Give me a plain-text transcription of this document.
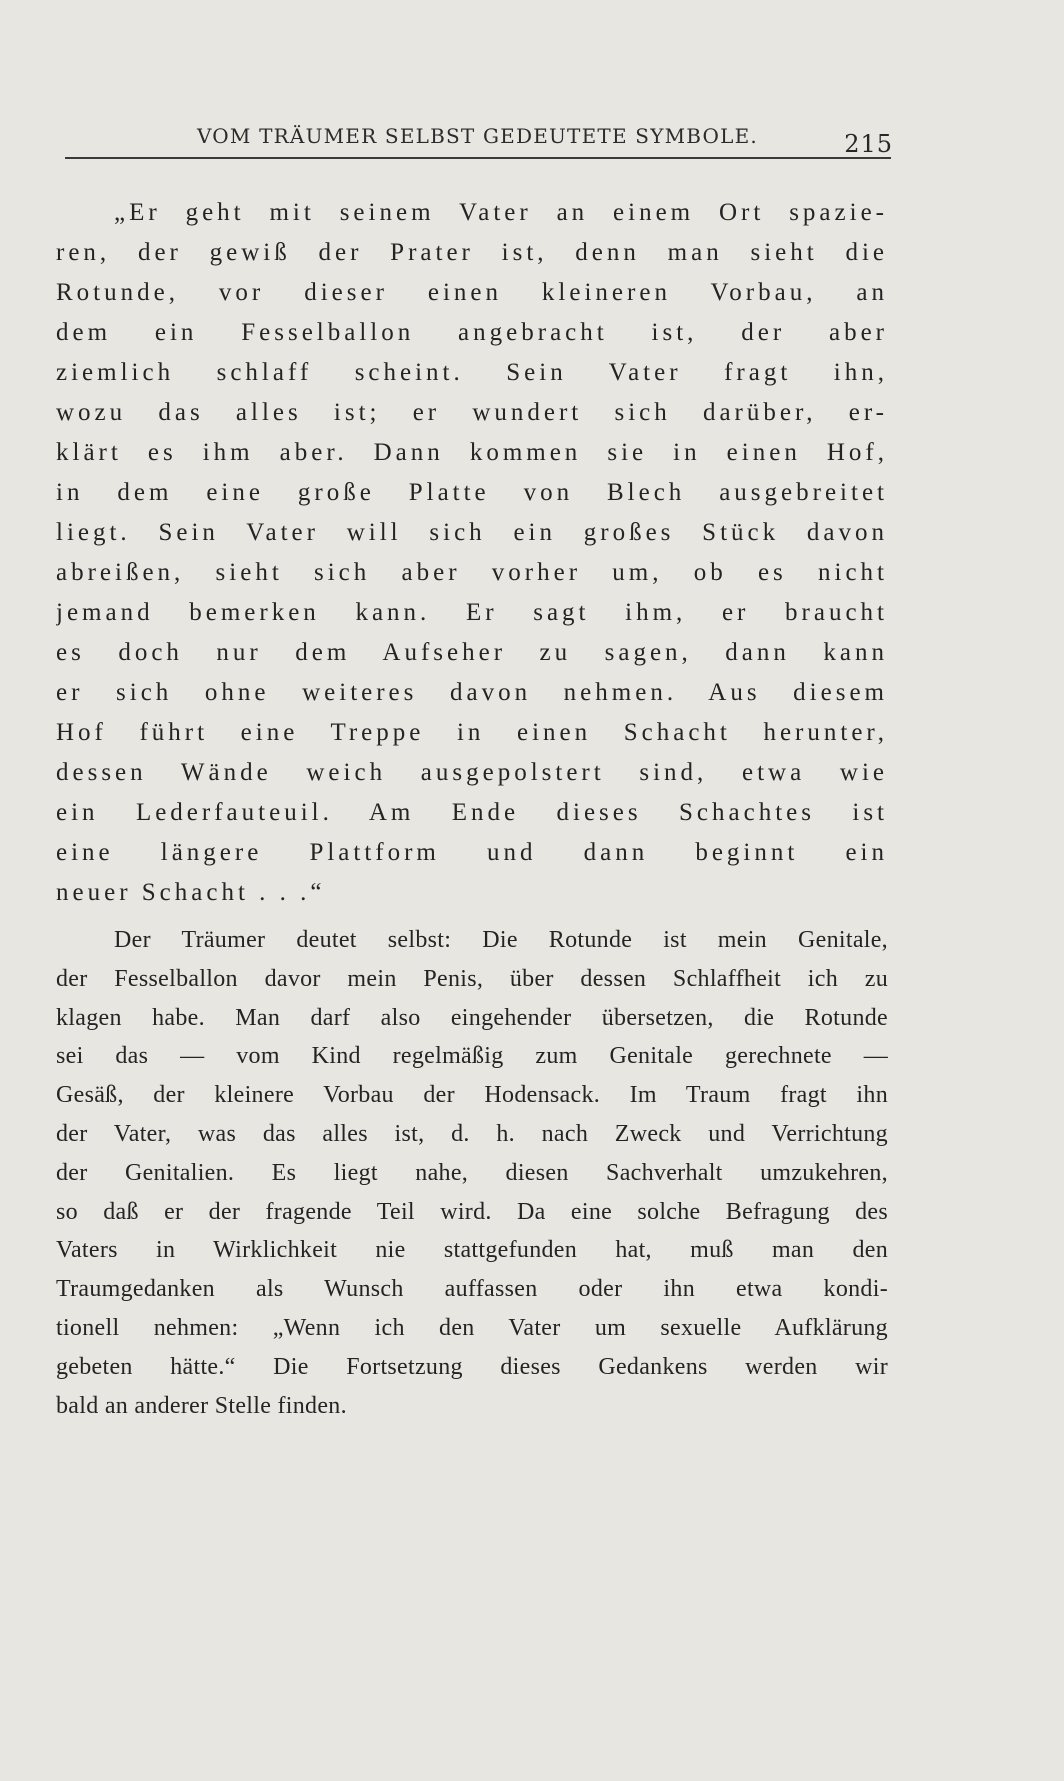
VOM TRÄUMER SELBST GEDEUTETE SYMBOLE.	215
„Er geht mit seinem Vater an einem Ort spazie-
ren, der gewiß der Prater ist, denn man sieht die
Rotunde, vor dieser einen kleineren Vorbau, an
dem ein Fesselballon angebracht ist, der aber
ziemlich schlaff scheint. Sein Vater fragt ihn,
wozu das alles ist; er wundert sich darüber, er-
klärt es ihm aber. Dann kommen sie in einen Hof,
in dem eine große Platte von Blech ausgebreitet
liegt. Sein Vater will sich ein großes Stück davon
abreißen, sieht sich aber vorher um, ob es nicht
jemand bemerken kann. Er sagt ihm, er braucht
es doch nur dem Aufseher zu sagen, dann kann
er sich ohne weiteres davon nehmen. Aus diesem
Hof führt eine Treppe in einen Schacht herunter,
dessen Wände weich ausgepolstert sind, etwa wie
ein Lederfauteuil. Am Ende dieses Schachtes ist
eine längere Plattform und dann beginnt ein
neuer Schacht . . .“
Der Träumer deutet selbst: Die Rotunde ist mein Genitale,
der Fesselballon davor mein Penis, über dessen Schlaffheit ich zu
klagen habe. Man darf also eingehender übersetzen, die Rotunde
sei das — vom Kind regelmäßig zum Genitale gerechnete —
Gesäß, der kleinere Vorbau der Hodensack. Im Traum fragt ihn
der Vater, was das alles ist, d. h. nach Zweck und Verrichtung
der Genitalien. Es liegt nahe, diesen Sachverhalt umzukehren,
so daß er der fragende Teil wird. Da eine solche Befragung des
Vaters in Wirklichkeit nie stattgefunden hat, muß man den
Traumgedanken als Wunsch auffassen oder ihn etwa kondi-
tionell nehmen: „Wenn ich den Vater um sexuelle Aufklärung
gebeten hätte.“ Die Fortsetzung dieses Gedankens werden wir
bald an anderer Stelle finden.
